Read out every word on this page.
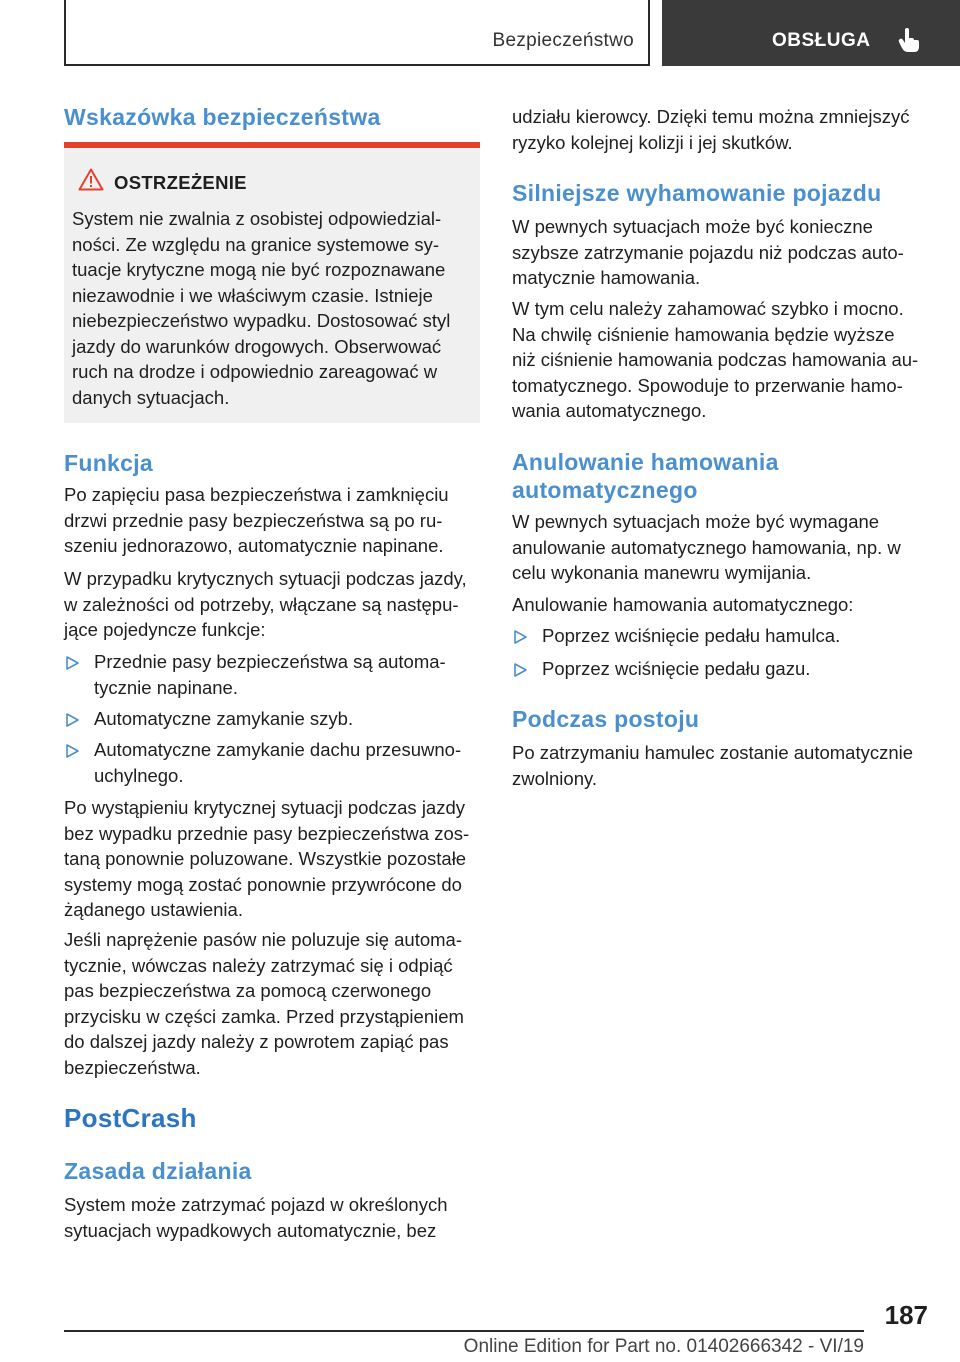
Bezpieczeństwo	OBSŁUGA
Wskazówka bezpieczeństwa
OSTRZEŻENIE
System nie zwalnia z osobistej odpowiedzial-
ności. Ze względu na granice systemowe sy-
tuacje krytyczne mogą nie być rozpoznawane
niezawodnie i we właściwym czasie. Istnieje
niebezpieczeństwo wypadku. Dostosować styl
jazdy do warunków drogowych. Obserwować
ruch na drodze i odpowiednio zareagować w
danych sytuacjach.
Funkcja
Po zapięciu pasa bezpieczeństwa i zamknięciu
drzwi przednie pasy bezpieczeństwa są po ru-
szeniu jednorazowo, automatycznie napinane.
W przypadku krytycznych sytuacji podczas jazdy,
w zależności od potrzeby, włączane są następu-
jące pojedyncze funkcje:
Przednie pasy bezpieczeństwa są automa-
tycznie napinane.
Automatyczne zamykanie szyb.
Automatyczne zamykanie dachu przesuwno-
uchylnego.
Po wystąpieniu krytycznej sytuacji podczas jazdy
bez wypadku przednie pasy bezpieczeństwa zos-
taną ponownie poluzowane. Wszystkie pozostałe
systemy mogą zostać ponownie przywrócone do
żądanego ustawienia.
Jeśli naprężenie pasów nie poluzuje się automa-
tycznie, wówczas należy zatrzymać się i odpiąć
pas bezpieczeństwa za pomocą czerwonego
przycisku w części zamka. Przed przystąpieniem
do dalszej jazdy należy z powrotem zapiąć pas
bezpieczeństwa.
PostCrash
Zasada działania
System może zatrzymać pojazd w określonych
sytuacjach wypadkowych automatycznie, bez
udziału kierowcy. Dzięki temu można zmniejszyć
ryzyko kolejnej kolizji i jej skutków.
Silniejsze wyhamowanie pojazdu
W pewnych sytuacjach może być konieczne
szybsze zatrzymanie pojazdu niż podczas auto-
matycznie hamowania.
W tym celu należy zahamować szybko i mocno.
Na chwilę ciśnienie hamowania będzie wyższe
niż ciśnienie hamowania podczas hamowania au-
tomatycznego. Spowoduje to przerwanie hamo-
wania automatycznego.
Anulowanie hamowania
automatycznego
W pewnych sytuacjach może być wymagane
anulowanie automatycznego hamowania, np. w
celu wykonania manewru wymijania.
Anulowanie hamowania automatycznego:
Poprzez wciśnięcie pedału hamulca.
Poprzez wciśnięcie pedału gazu.
Podczas postoju
Po zatrzymaniu hamulec zostanie automatycznie
zwolniony.
187
Online Edition for Part no. 01402666342 - VI/19
